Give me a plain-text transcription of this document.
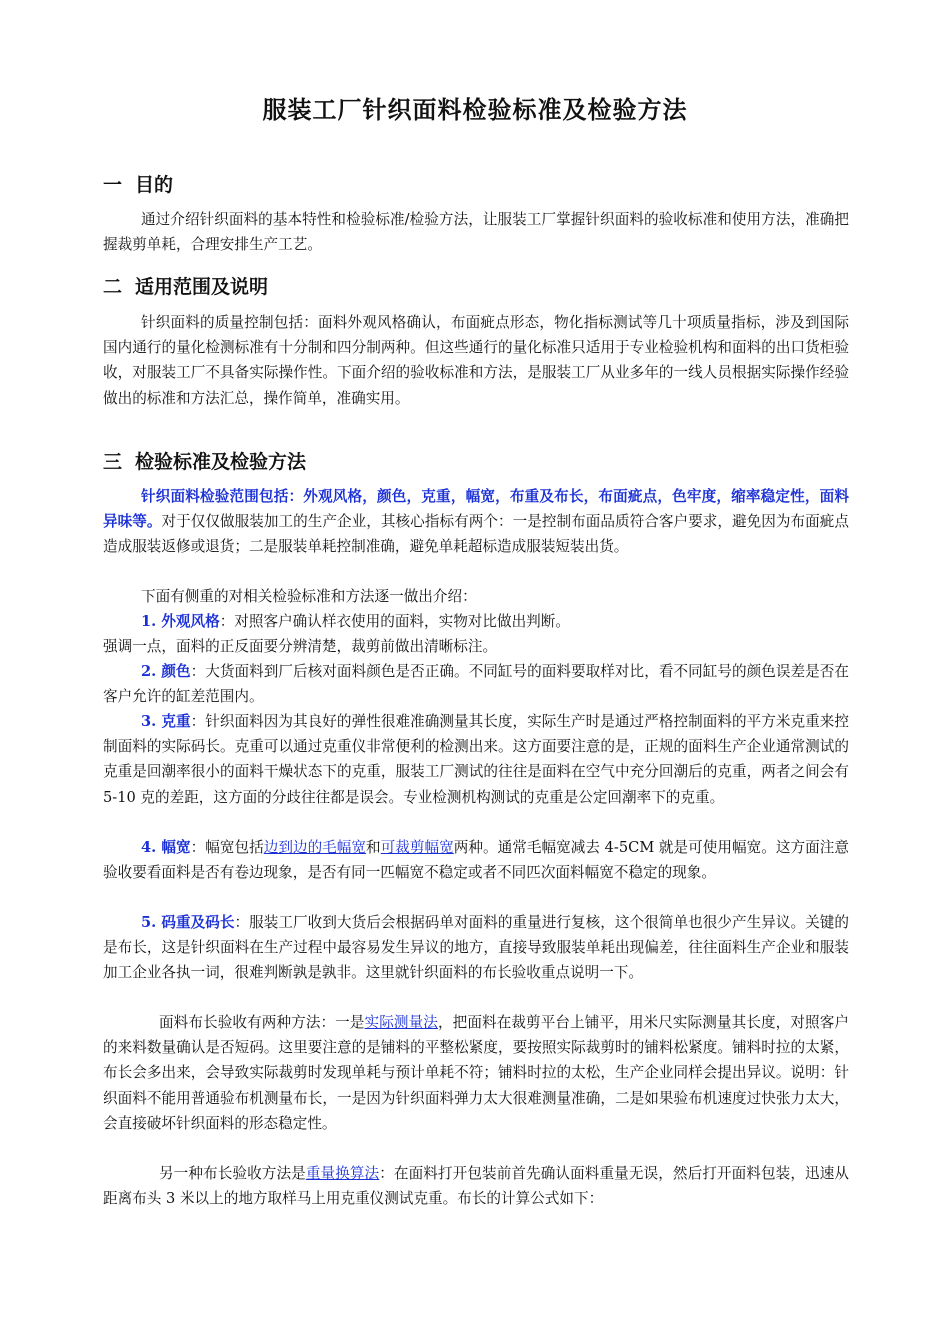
服装工厂针织面料检验标准及检验方法
一 目的
通过介绍针织面料的基本特性和检验标准/检验方法，让服装工厂掌握针织面料的验收标准和使用方法，准确把握裁剪单耗，合理安排生产工艺。
二 适用范围及说明
针织面料的质量控制包括：面料外观风格确认，布面疵点形态，物化指标测试等几十项质量指标，涉及到国际国内通行的量化检测标准有十分制和四分制两种。但这些通行的量化标准只适用于专业检验机构和面料的出口货柜验收，对服装工厂不具备实际操作性。下面介绍的验收标准和方法，是服装工厂从业多年的一线人员根据实际操作经验做出的标准和方法汇总，操作简单，准确实用。
三 检验标准及检验方法
针织面料检验范围包括：外观风格，颜色，克重，幅宽，布重及布长，布面疵点，色牢度，缩率稳定性，面料异味等。对于仅仅做服装加工的生产企业，其核心指标有两个：一是控制布面品质符合客户要求，避免因为布面疵点造成服装返修或退货；二是服装单耗控制准确，避免单耗超标造成服装短装出货。
下面有侧重的对相关检验标准和方法逐一做出介绍：
1. 外观风格：对照客户确认样衣使用的面料，实物对比做出判断。
强调一点，面料的正反面要分辨清楚，裁剪前做出清晰标注。
2. 颜色：大货面料到厂后核对面料颜色是否正确。不同缸号的面料要取样对比，看不同缸号的颜色误差是否在客户允许的缸差范围内。
3. 克重：针织面料因为其良好的弹性很难准确测量其长度，实际生产时是通过严格控制面料的平方米克重来控制面料的实际码长。克重可以通过克重仪非常便利的检测出来。这方面要注意的是，正规的面料生产企业通常测试的克重是回潮率很小的面料干燥状态下的克重，服装工厂测试的往往是面料在空气中充分回潮后的克重，两者之间会有 5-10 克的差距，这方面的分歧往往都是误会。专业检测机构测试的克重是公定回潮率下的克重。
4. 幅宽：幅宽包括边到边的毛幅宽和可裁剪幅宽两种。通常毛幅宽减去 4-5CM 就是可使用幅宽。这方面注意验收要看面料是否有卷边现象，是否有同一匹幅宽不稳定或者不同匹次面料幅宽不稳定的现象。
5. 码重及码长：服装工厂收到大货后会根据码单对面料的重量进行复核，这个很简单也很少产生异议。关键的是布长，这是针织面料在生产过程中最容易发生异议的地方，直接导致服装单耗出现偏差，往往面料生产企业和服装加工企业各执一词，很难判断孰是孰非。这里就针织面料的布长验收重点说明一下。
面料布长验收有两种方法：一是实际测量法，把面料在裁剪平台上铺平，用米尺实际测量其长度，对照客户的来料数量确认是否短码。这里要注意的是铺料的平整松紧度，要按照实际裁剪时的铺料松紧度。铺料时拉的太紧，布长会多出来，会导致实际裁剪时发现单耗与预计单耗不符；铺料时拉的太松，生产企业同样会提出异议。说明：针织面料不能用普通验布机测量布长，一是因为针织面料弹力太大很难测量准确，二是如果验布机速度过快张力太大，会直接破坏针织面料的形态稳定性。
另一种布长验收方法是重量换算法：在面料打开包装前首先确认面料重量无误，然后打开面料包装，迅速从距离布头 3 米以上的地方取样马上用克重仪测试克重。布长的计算公式如下：
